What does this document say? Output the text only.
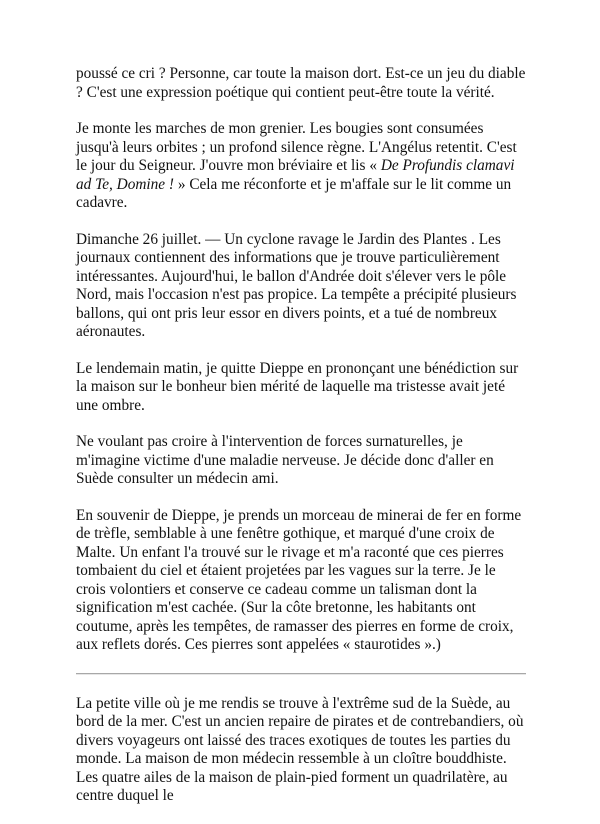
poussé ce cri ? Personne, car toute la maison dort. Est-ce un jeu du diable ? C'est une expression poétique qui contient peut-être toute la vérité.

Je monte les marches de mon grenier. Les bougies sont consumées jusqu'à leurs orbites ; un profond silence règne. L'Angélus retentit. C'est le jour du Seigneur. J'ouvre mon bréviaire et lis « De Profundis clamavi ad Te, Domine ! » Cela me réconforte et je m'affale sur le lit comme un cadavre.

Dimanche 26 juillet. — Un cyclone ravage le Jardin des Plantes . Les journaux contiennent des informations que je trouve particulièrement intéressantes. Aujourd'hui, le ballon d'Andrée doit s'élever vers le pôle Nord, mais l'occasion n'est pas propice. La tempête a précipité plusieurs ballons, qui ont pris leur essor en divers points, et a tué de nombreux aéronautes.

Le lendemain matin, je quitte Dieppe en prononçant une bénédiction sur la maison sur le bonheur bien mérité de laquelle ma tristesse avait jeté une ombre.

Ne voulant pas croire à l'intervention de forces surnaturelles, je m'imagine victime d'une maladie nerveuse. Je décide donc d'aller en Suède consulter un médecin ami.

En souvenir de Dieppe, je prends un morceau de minerai de fer en forme de trèfle, semblable à une fenêtre gothique, et marqué d'une croix de Malte. Un enfant l'a trouvé sur le rivage et m'a raconté que ces pierres tombaient du ciel et étaient projetées par les vagues sur la terre. Je le crois volontiers et conserve ce cadeau comme un talisman dont la signification m'est cachée. (Sur la côte bretonne, les habitants ont coutume, après les tempêtes, de ramasser des pierres en forme de croix, aux reflets dorés. Ces pierres sont appelées « staurotides ».)

La petite ville où je me rendis se trouve à l'extrême sud de la Suède, au bord de la mer. C'est un ancien repaire de pirates et de contrebandiers, où divers voyageurs ont laissé des traces exotiques de toutes les parties du monde. La maison de mon médecin ressemble à un cloître bouddhiste. Les quatre ailes de la maison de plain-pied forment un quadrilatère, au centre duquel le
